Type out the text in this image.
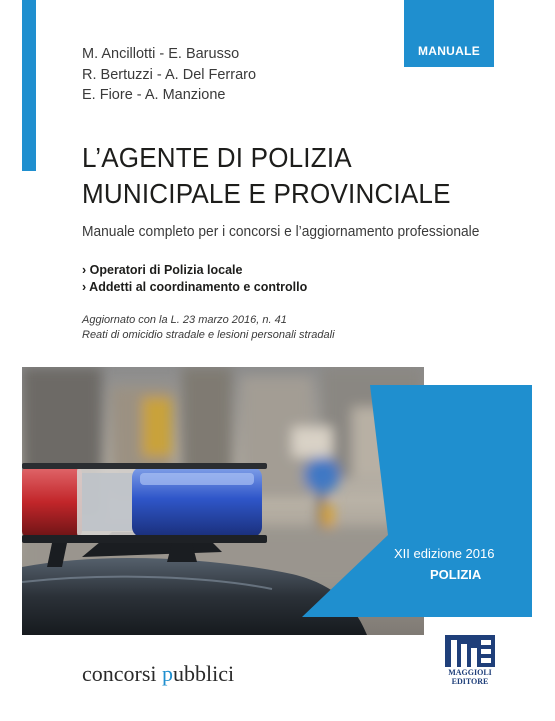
MANUALE
M. Ancillotti - E. Barusso
R. Bertuzzi - A. Del Ferraro
E. Fiore - A. Manzione
L’AGENTE DI POLIZIA
MUNICIPALE E PROVINCIALE
Manuale completo per i concorsi e l’aggiornamento professionale
› Operatori di Polizia locale
› Addetti al coordinamento e controllo
Aggiornato con la L. 23 marzo 2016, n. 41
Reati di omicidio stradale e lesioni personali stradali
XII edizione 2016
POLIZIA
concorsi pubblici	MAGGIOLI
EDITORE
